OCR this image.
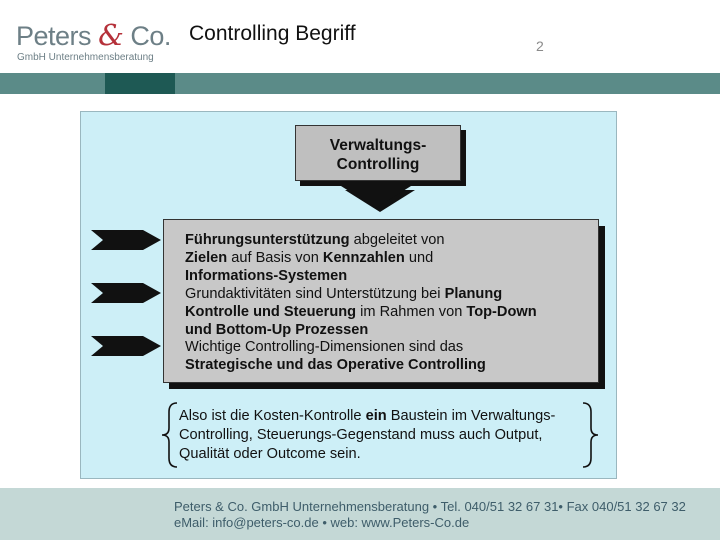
Peters & Co.
GmbH Unternehmensberatung
Controlling Begriff
2
Verwaltungs-
Controlling
Führungsunterstützung abgeleitet von
Zielen auf Basis von Kennzahlen und
Informations-Systemen
Grundaktivitäten sind Unterstützung bei Planung
Kontrolle und Steuerung im Rahmen von Top-Down
und Bottom-Up Prozessen
Wichtige Controlling-Dimensionen sind das
Strategische und das Operative Controlling
Also ist die Kosten-Kontrolle ein Baustein im Verwaltungs-
Controlling, Steuerungs-Gegenstand muss auch Output,
Qualität oder Outcome sein.
Peters & Co. GmbH Unternehmensberatung • Tel. 040/51 32 67 31• Fax 040/51 32 67 32
eMail: info@peters-co.de • web: www.Peters-Co.de
